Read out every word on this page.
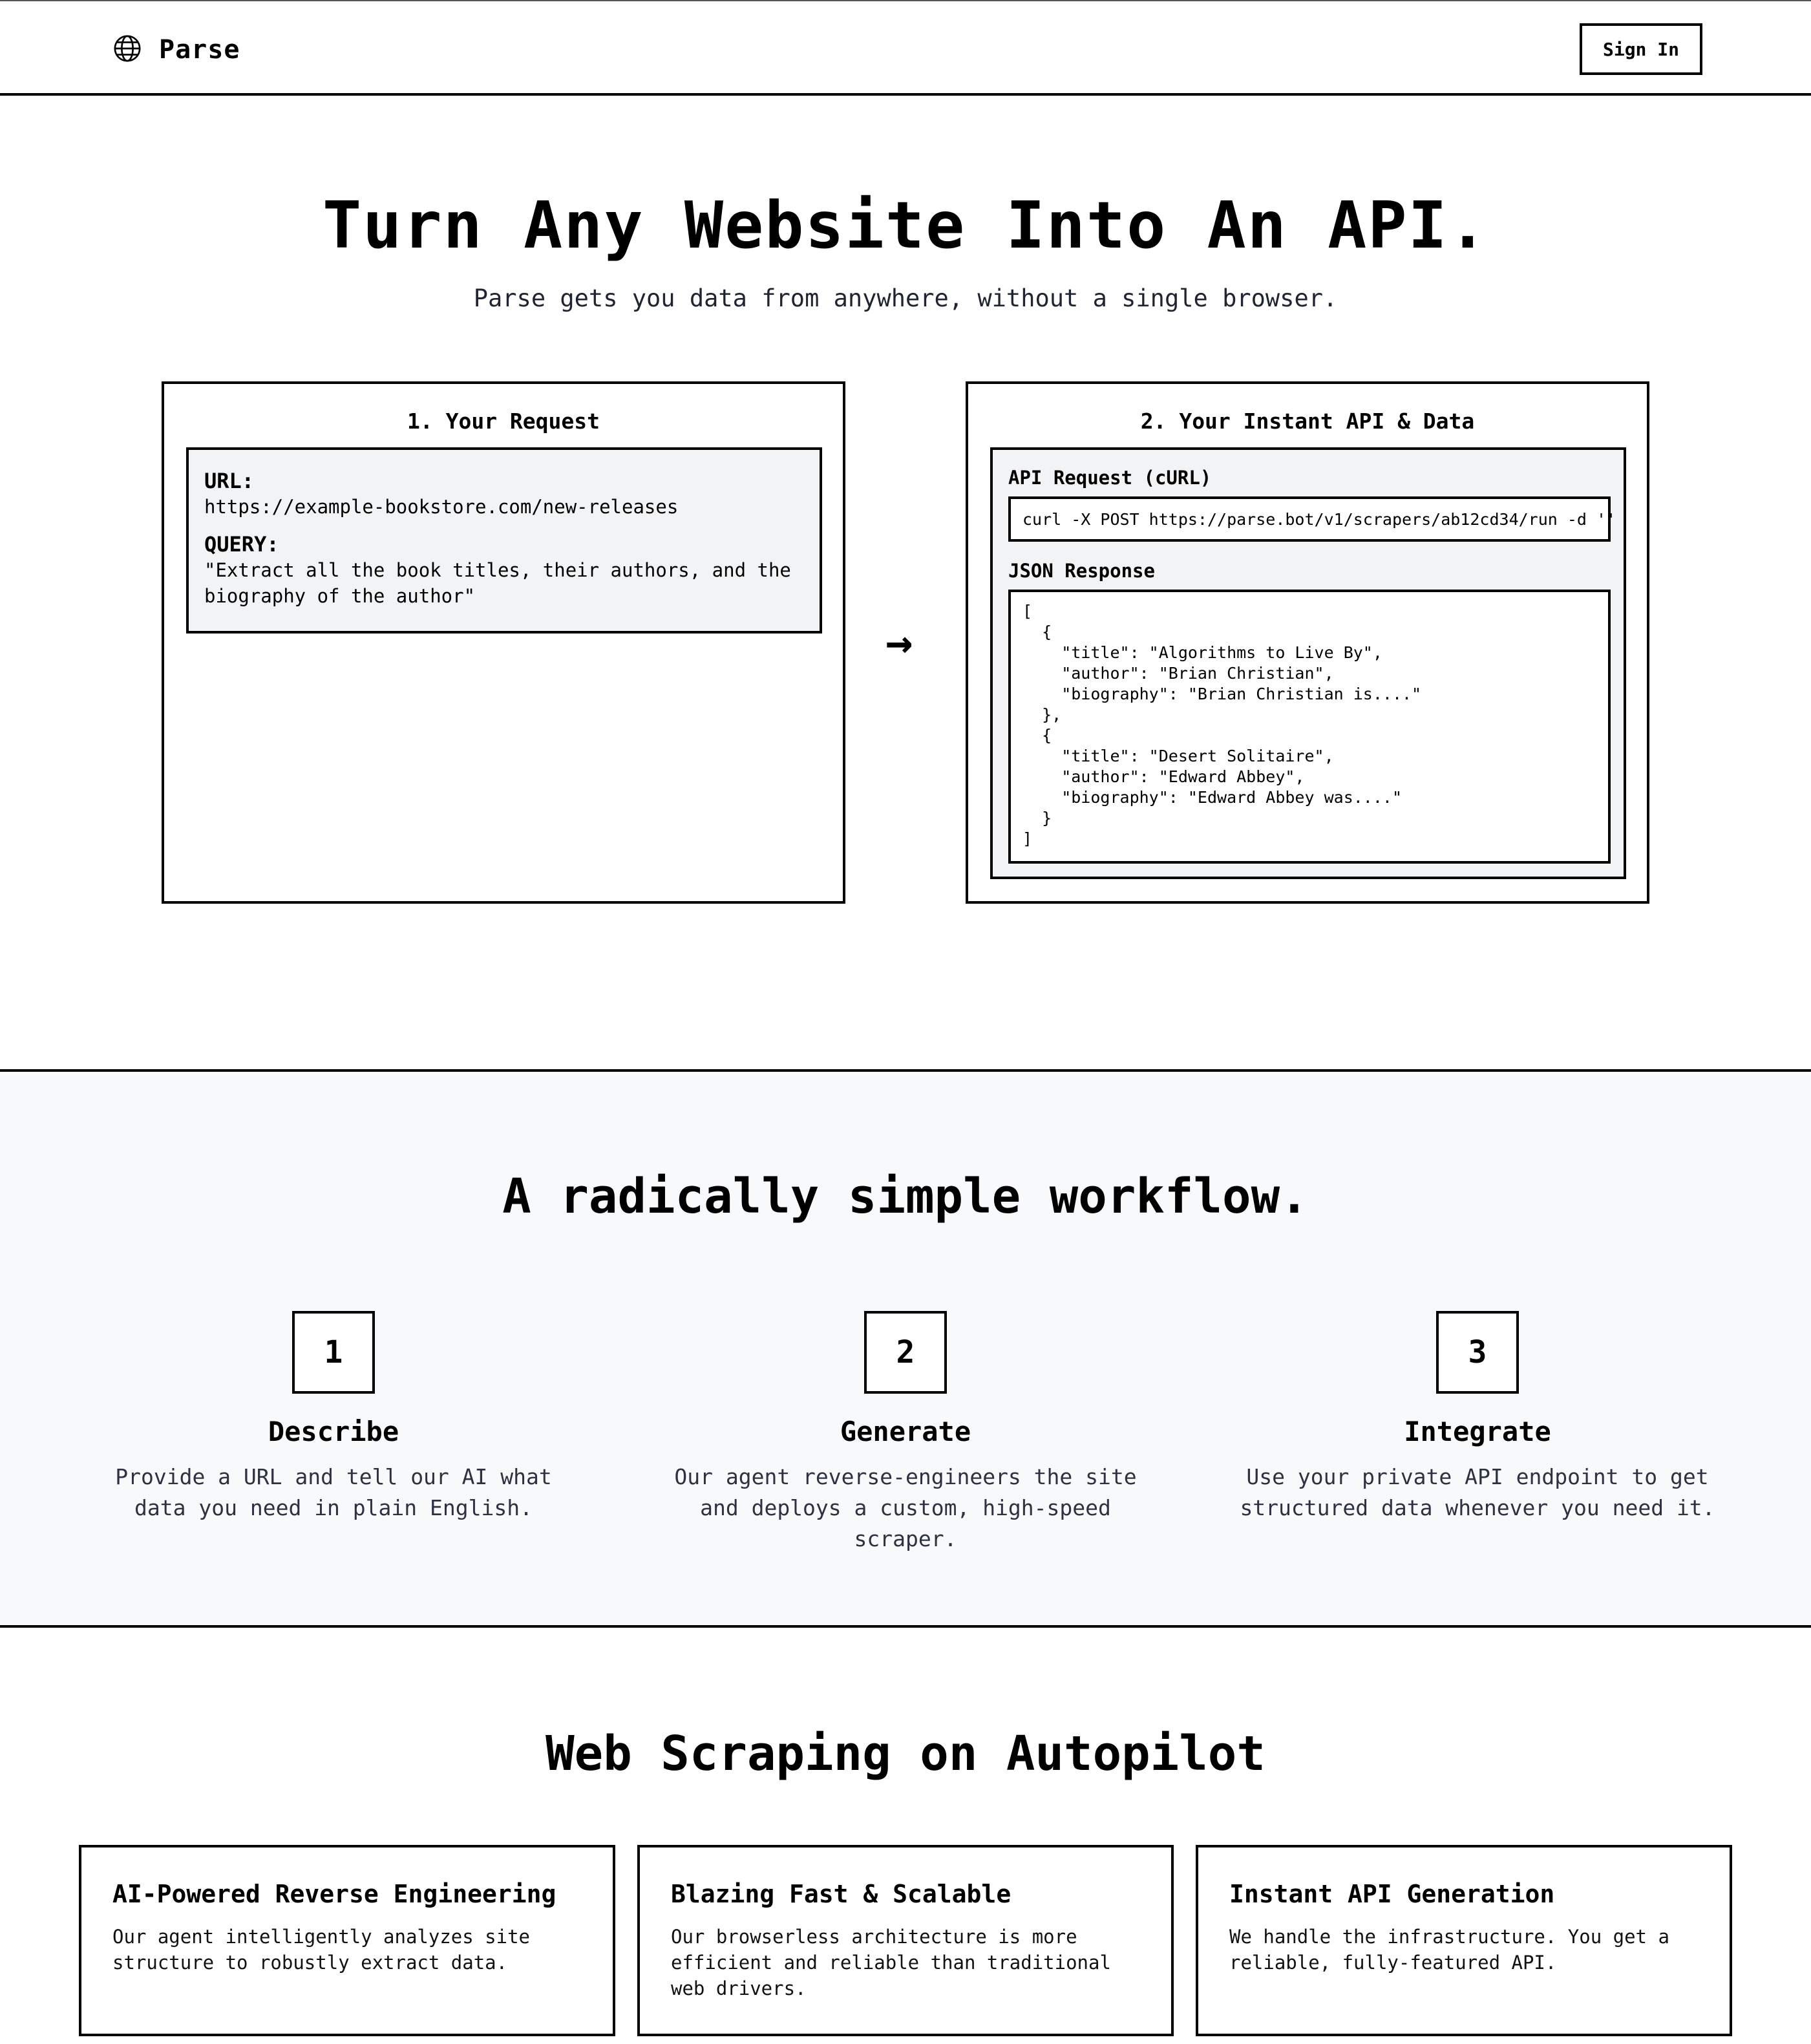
Parse	Sign In
Turn Any Website Into An API.

Parse gets you data from anywhere, without a single browser.

1. Your Request
URL:
https://example-bookstore.com/new-releases
QUERY:
"Extract all the book titles, their authors, and the biography of the author"
→
2. Your Instant API & Data
API Request (cURL)
curl -X POST https://parse.bot/v1/scrapers/ab12cd34/run -d ''
JSON Response
[
{
"title": "Algorithms to Live By",
"author": "Brian Christian",
"biography": "Brian Christian is...."
},
{
"title": "Desert Solitaire",
"author": "Edward Abbey",
"biography": "Edward Abbey was...."
}
]
A radically simple workflow.
1
Describe
Provide a URL and tell our AI what data you need in plain English.
2
Generate
Our agent reverse-engineers the site and deploys a custom, high-speed scraper.
3
Integrate
Use your private API endpoint to get structured data whenever you need it.
Web Scraping on Autopilot
AI-Powered Reverse Engineering
Our agent intelligently analyzes site structure to robustly extract data.
Blazing Fast & Scalable
Our browserless architecture is more efficient and reliable than traditional web drivers.
Instant API Generation
We handle the infrastructure. You get a reliable, fully-featured API.
